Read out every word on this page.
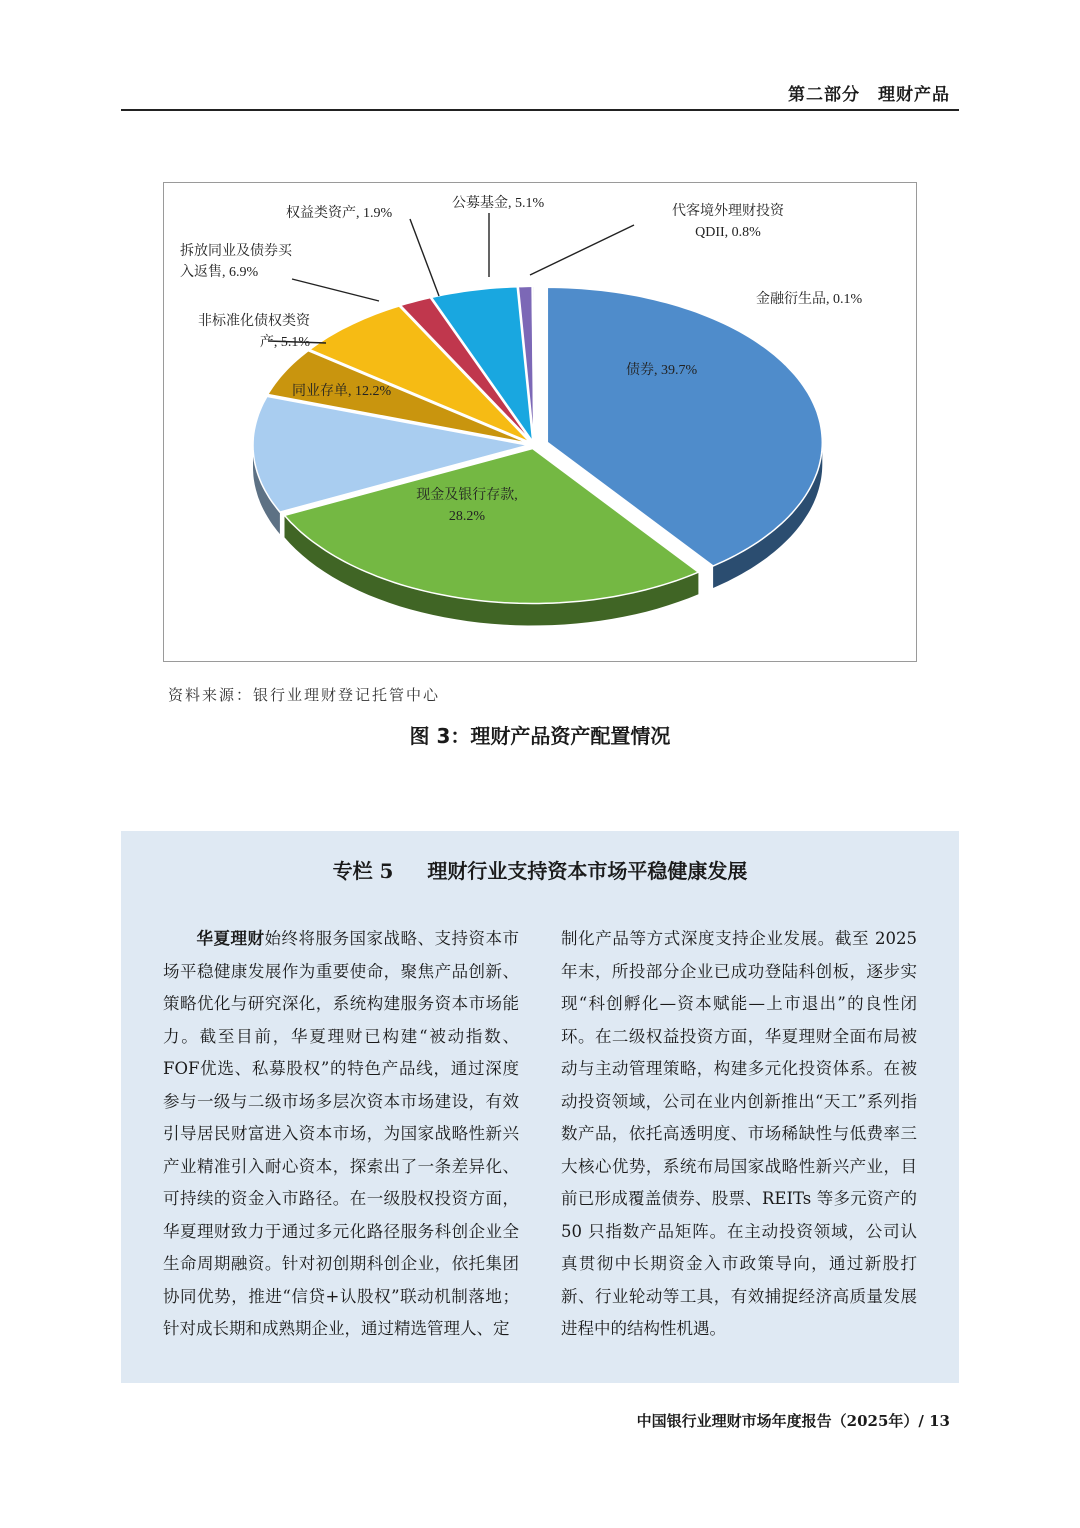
第二部分　理财产品
权益类资产, 1.9%
公募基金, 5.1%
代客境外理财投资
QDII, 0.8%
拆放同业及债券买
入返售, 6.9%
金融衍生品, 0.1%
非标准化债权类资
产, 5.1%
债券, 39.7%
同业存单, 12.2%
现金及银行存款,
28.2%
资料来源：银行业理财登记托管中心
图 3：理财产品资产配置情况
专栏 5 理财行业支持资本市场平稳健康发展

华夏理财始终将服务国家战略、支持资本市场平稳健康发展作为重要使命，聚焦产品创新、策略优化与研究深化，系统构建服务资本市场能力。截至目前，华夏理财已构建“被动指数、FOF优选、私募股权”的特色产品线，通过深度参与一级与二级市场多层次资本市场建设，有效引导居民财富进入资本市场，为国家战略性新兴产业精准引入耐心资本，探索出了一条差异化、可持续的资金入市路径。在一级股权投资方面，华夏理财致力于通过多元化路径服务科创企业全生命周期融资。针对初创期科创企业，依托集团协同优势，推进“信贷+认股权”联动机制落地；针对成长期和成熟期企业，通过精选管理人、定

制化产品等方式深度支持企业发展。截至 2025 年末，所投部分企业已成功登陆科创板，逐步实现“科创孵化—资本赋能—上市退出”的良性闭环。在二级权益投资方面，华夏理财全面布局被动与主动管理策略，构建多元化投资体系。在被动投资领域，公司在业内创新推出“天工”系列指数产品，依托高透明度、市场稀缺性与低费率三大核心优势，系统布局国家战略性新兴产业，目前已形成覆盖债券、股票、REITs 等多元资产的 50 只指数产品矩阵。在主动投资领域，公司认真贯彻中长期资金入市政策导向，通过新股打新、行业轮动等工具，有效捕捉经济高质量发展进程中的结构性机遇。

中国银行业理财市场年度报告（2025年）/ 13
